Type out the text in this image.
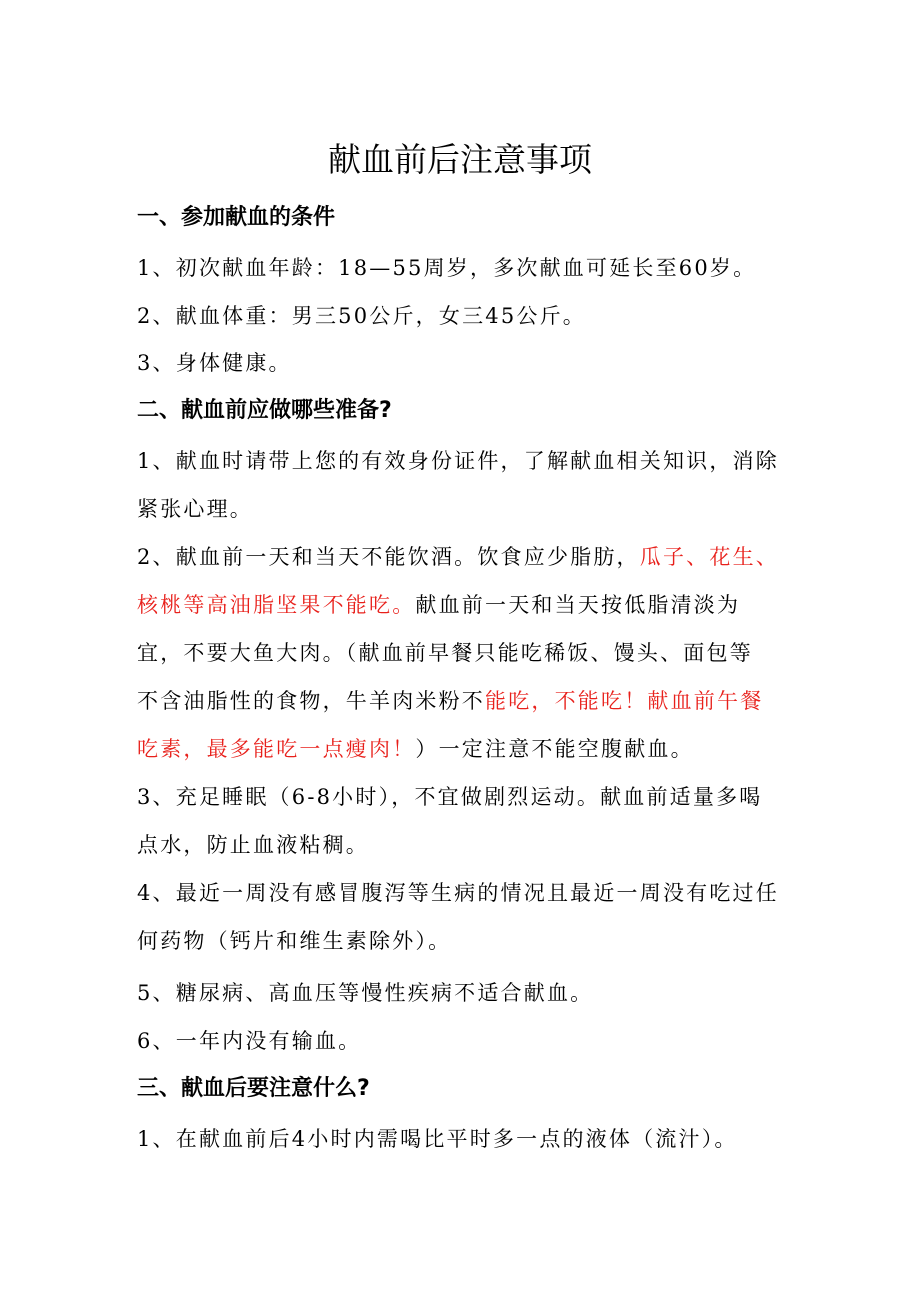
献血前后注意事项
一、参加献血的条件
1、初次献血年龄：18—55周岁，多次献血可延长至60岁。
2、献血体重：男三50公斤，女三45公斤。
3、身体健康。
二、献血前应做哪些准备?
1、献血时请带上您的有效身份证件，了解献血相关知识，消除
紧张心理。
2、献血前一天和当天不能饮酒。饮食应少脂肪，瓜子、花生、
核桃等高油脂坚果不能吃。献血前一天和当天按低脂清淡为
宜，不要大鱼大肉。（献血前早餐只能吃稀饭、馒头、面包等
不含油脂性的食物，牛羊肉米粉不能吃，不能吃！献血前午餐
吃素，最多能吃一点瘦肉！）一定注意不能空腹献血。
3、充足睡眠（6-8小时），不宜做剧烈运动。献血前适量多喝
点水，防止血液粘稠。
4、最近一周没有感冒腹泻等生病的情况且最近一周没有吃过任
何药物（钙片和维生素除外）。
5、糖尿病、高血压等慢性疾病不适合献血。
6、一年内没有输血。
三、献血后要注意什么?
1、在献血前后4小时内需喝比平时多一点的液体（流汁）。
